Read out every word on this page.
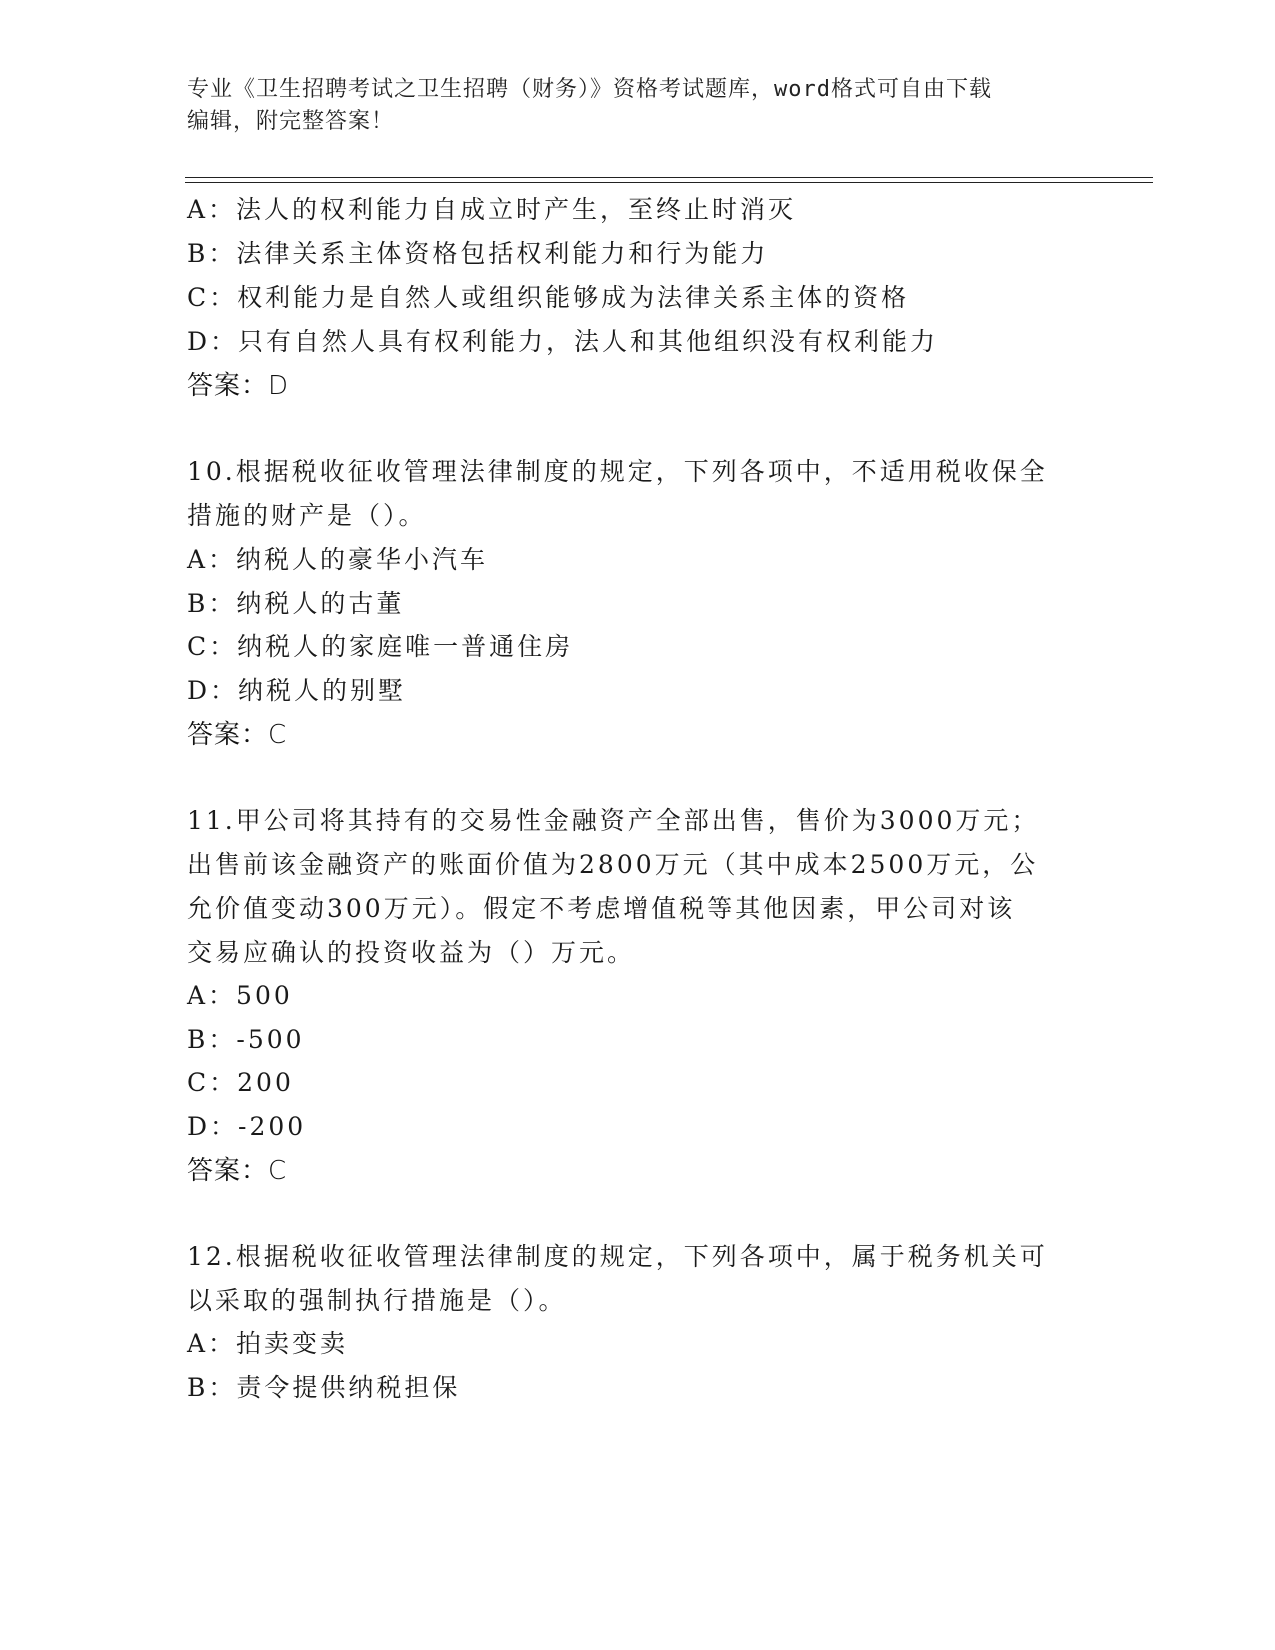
专业《卫生招聘考试之卫生招聘（财务）》资格考试题库，word格式可自由下载
编辑，附完整答案！
A：法人的权利能力自成立时产生，至终止时消灭
B：法律关系主体资格包括权利能力和行为能力
C：权利能力是自然人或组织能够成为法律关系主体的资格
D：只有自然人具有权利能力，法人和其他组织没有权利能力
答案：D
10.根据税收征收管理法律制度的规定，下列各项中，不适用税收保全
措施的财产是（）。
A：纳税人的豪华小汽车
B：纳税人的古董
C：纳税人的家庭唯一普通住房
D：纳税人的别墅
答案：C
11.甲公司将其持有的交易性金融资产全部出售，售价为3000万元；
出售前该金融资产的账面价值为2800万元（其中成本2500万元，公
允价值变动300万元）。假定不考虑增值税等其他因素，甲公司对该
交易应确认的投资收益为（）万元。
A：500
B：-500
C：200
D：-200
答案：C
12.根据税收征收管理法律制度的规定，下列各项中，属于税务机关可
以采取的强制执行措施是（）。
A：拍卖变卖
B：责令提供纳税担保
